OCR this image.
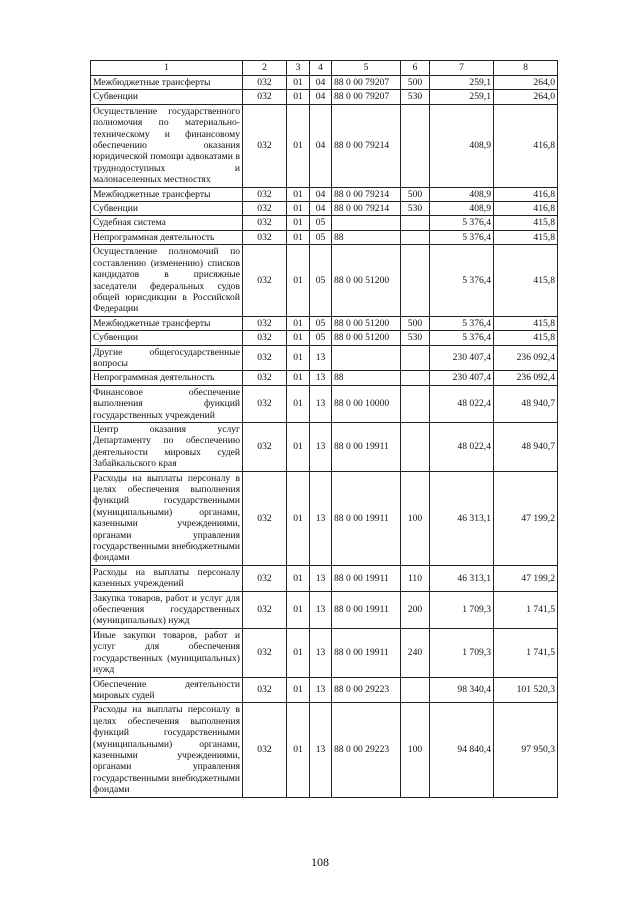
1	2	3	4	5	6	7	8
Межбюджетные трансферты	032	01	04	88 0 00 79207	500	259,1	264,0
Субвенции	032	01	04	88 0 00 79207	530	259,1	264,0
Осуществление государственного полномочия по материально-техническому и финансовому обеспечению оказания юридической помощи адвокатами в труднодоступных и малонаселенных местностях	032	01	04	88 0 00 79214		408,9	416,8
Межбюджетные трансферты	032	01	04	88 0 00 79214	500	408,9	416,8
Субвенции	032	01	04	88 0 00 79214	530	408,9	416,8
Судебная система	032	01	05			5 376,4	415,8
Непрограммная деятельность	032	01	05	88		5 376,4	415,8
Осуществление полномочий по составлению (изменению) списков кандидатов в присяжные заседатели федеральных судов общей юрисдикции в Российской Федерации	032	01	05	88 0 00 51200		5 376,4	415,8
Межбюджетные трансферты	032	01	05	88 0 00 51200	500	5 376,4	415,8
Субвенции	032	01	05	88 0 00 51200	530	5 376,4	415,8
Другие общегосударственные вопросы	032	01	13			230 407,4	236 092,4
Непрограммная деятельность	032	01	13	88		230 407,4	236 092,4
Финансовое обеспечение выполнения функций государственных учреждений	032	01	13	88 0 00 10000		48 022,4	48 940,7
Центр оказания услуг Департаменту по обеспечению деятельности мировых судей Забайкальского края	032	01	13	88 0 00 19911		48 022,4	48 940,7
Расходы на выплаты персоналу в целях обеспечения выполнения функций государственными (муниципальными) органами, казенными учреждениями, органами управления государственными внебюджетными фондами	032	01	13	88 0 00 19911	100	46 313,1	47 199,2
Расходы на выплаты персоналу казенных учреждений	032	01	13	88 0 00 19911	110	46 313,1	47 199,2
Закупка товаров, работ и услуг для обеспечения государственных (муниципальных) нужд	032	01	13	88 0 00 19911	200	1 709,3	1 741,5
Иные закупки товаров, работ и услуг для обеспечения государственных (муниципальных) нужд	032	01	13	88 0 00 19911	240	1 709,3	1 741,5
Обеспечение деятельности мировых судей	032	01	13	88 0 00 29223		98 340,4	101 520,3
Расходы на выплаты персоналу в целях обеспечения выполнения функций государственными (муниципальными) органами, казенными учреждениями, органами управления государственными внебюджетными фондами	032	01	13	88 0 00 29223	100	94 840,4	97 950,3
108
